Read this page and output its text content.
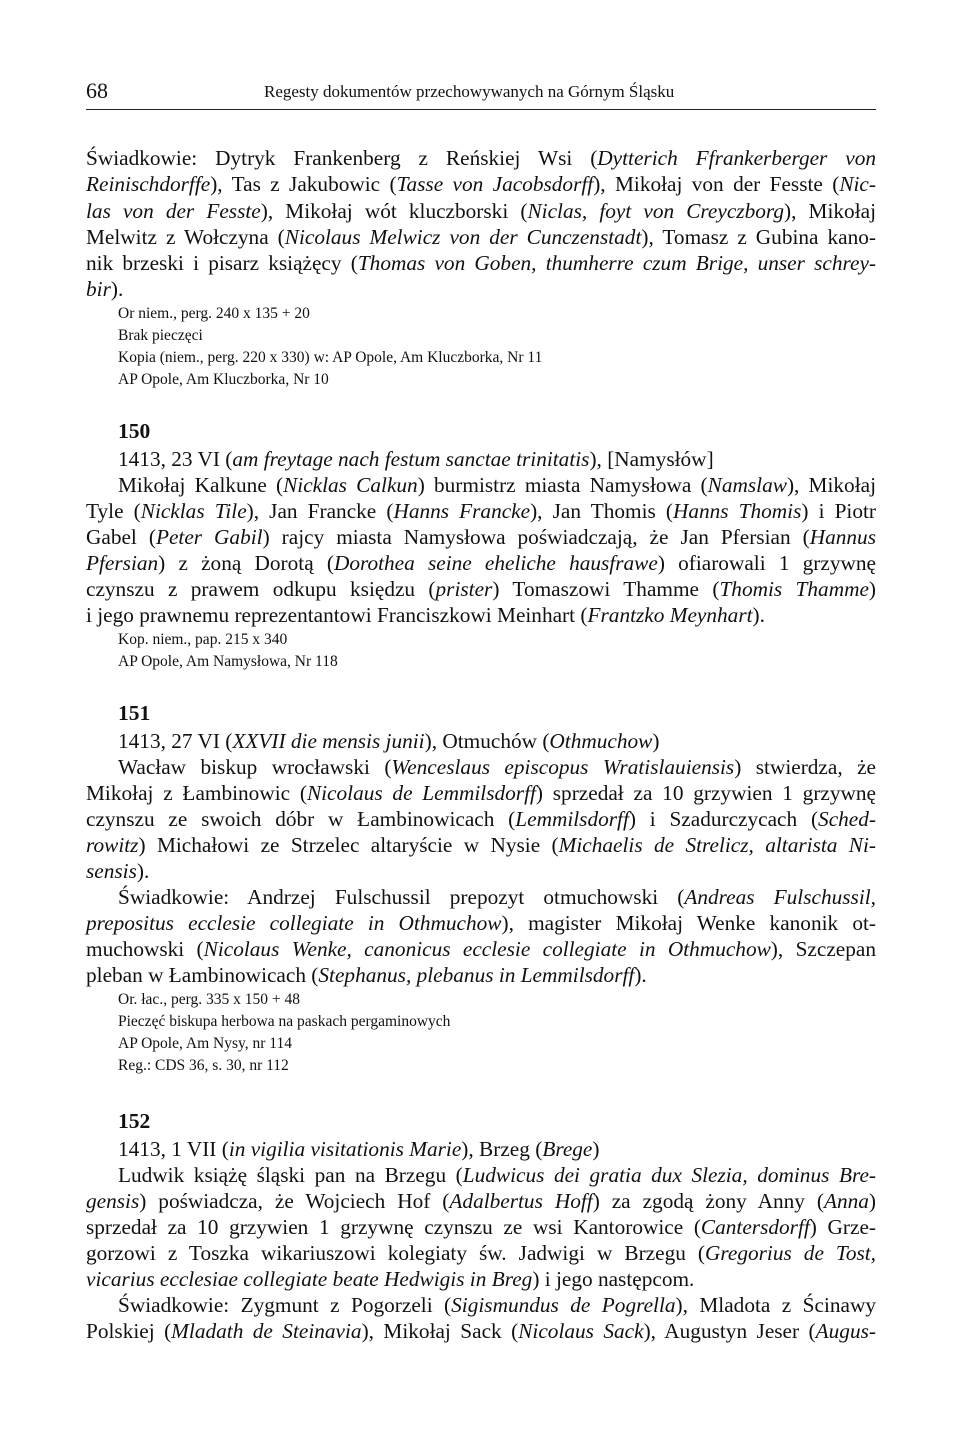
68	Regesty dokumentów przechowywanych na Górnym Śląsku
Świadkowie: Dytryk Frankenberg z Reńskiej Wsi (Dytterich Ffrankerberger von
Reinischdorffe), Tas z Jakubowic (Tasse von Jacobsdorff), Mikołaj von der Fesste (Nic-
las von der Fesste), Mikołaj wót kluczborski (Niclas, foyt von Creyczborg), Mikołaj
Melwitz z Wołczyna (Nicolaus Melwicz von der Cunczenstadt), Tomasz z Gubina kano-
nik brzeski i pisarz książęcy (Thomas von Goben, thumherre czum Brige, unser schrey-
bir).
Or niem., perg. 240 x 135 + 20
Brak pieczęci
Kopia (niem., perg. 220 x 330) w: AP Opole, Am Kluczborka, Nr 11
AP Opole, Am Kluczborka, Nr 10
150
1413, 23 VI (am freytage nach festum sanctae trinitatis), [Namysłów]
Mikołaj Kalkune (Nicklas Calkun) burmistrz miasta Namysłowa (Namslaw), Mikołaj
Tyle (Nicklas Tile), Jan Francke (Hanns Francke), Jan Thomis (Hanns Thomis) i Piotr
Gabel (Peter Gabil) rajcy miasta Namysłowa poświadczają, że Jan Pfersian (Hannus
Pfersian) z żoną Dorotą (Dorothea seine eheliche hausfrawe) ofiarowali 1 grzywnę
czynszu z prawem odkupu księdzu (prister) Tomaszowi Thamme (Thomis Thamme)
i jego prawnemu reprezentantowi Franciszkowi Meinhart (Frantzko Meynhart).
Kop. niem., pap. 215 x 340
AP Opole, Am Namysłowa, Nr 118
151
1413, 27 VI (XXVII die mensis junii), Otmuchów (Othmuchow)
Wacław biskup wrocławski (Wenceslaus episcopus Wratislauiensis) stwierdza, że
Mikołaj z Łambinowic (Nicolaus de Lemmilsdorff) sprzedał za 10 grzywien 1 grzywnę
czynszu ze swoich dóbr w Łambinowicach (Lemmilsdorff) i Szadurczycach (Sched-
rowitz) Michałowi ze Strzelec altaryście w Nysie (Michaelis de Strelicz, altarista Ni-
sensis).
Świadkowie: Andrzej Fulschussil prepozyt otmuchowski (Andreas Fulschussil,
prepositus ecclesie collegiate in Othmuchow), magister Mikołaj Wenke kanonik ot-
muchowski (Nicolaus Wenke, canonicus ecclesie collegiate in Othmuchow), Szczepan
pleban w Łambinowicach (Stephanus, plebanus in Lemmilsdorff).
Or. łac., perg. 335 x 150 + 48
Pieczęć biskupa herbowa na paskach pergaminowych
AP Opole, Am Nysy, nr 114
Reg.: CDS 36, s. 30, nr 112
152
1413, 1 VII (in vigilia visitationis Marie), Brzeg (Brege)
Ludwik książę śląski pan na Brzegu (Ludwicus dei gratia dux Slezia, dominus Bre-
gensis) poświadcza, że Wojciech Hof (Adalbertus Hoff) za zgodą żony Anny (Anna)
sprzedał za 10 grzywien 1 grzywnę czynszu ze wsi Kantorowice (Cantersdorff) Grze-
gorzowi z Toszka wikariuszowi kolegiaty św. Jadwigi w Brzegu (Gregorius de Tost,
vicarius ecclesiae collegiate beate Hedwigis in Breg) i jego następcom.
Świadkowie: Zygmunt z Pogorzeli (Sigismundus de Pogrella), Mladota z Ścinawy
Polskiej (Mladath de Steinavia), Mikołaj Sack (Nicolaus Sack), Augustyn Jeser (Augus-
